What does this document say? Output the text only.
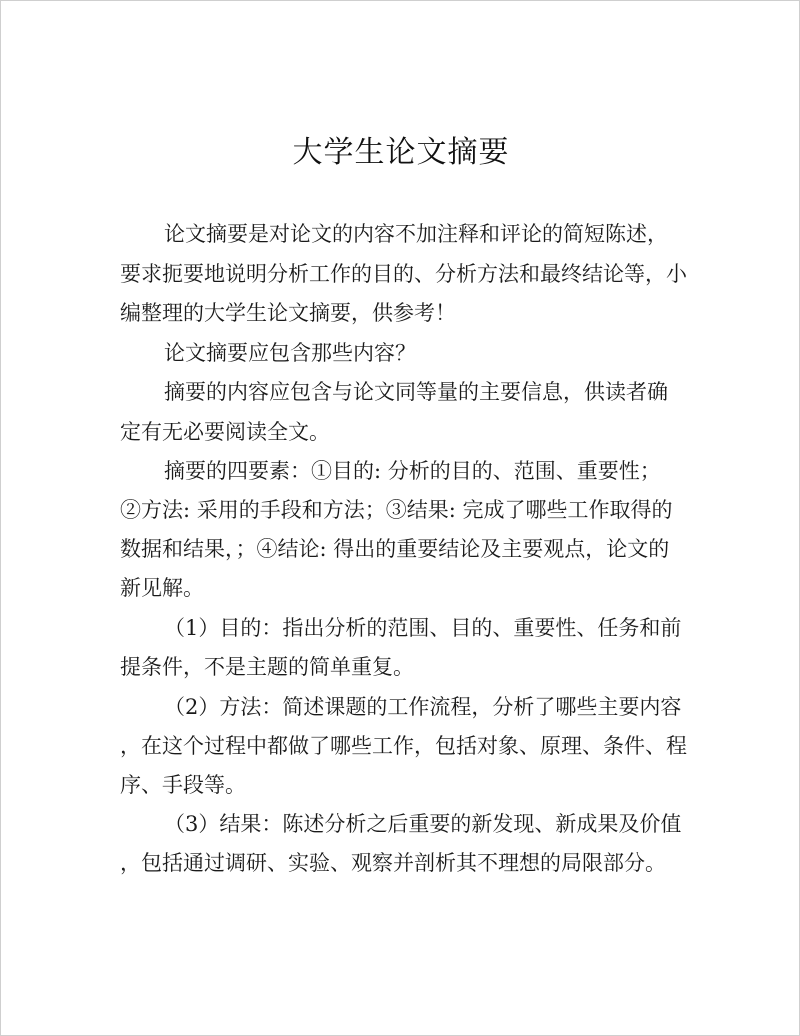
大学生论文摘要
论文摘要是对论文的内容不加注释和评论的简短陈述，
要求扼要地说明分析工作的目的、分析方法和最终结论等，小
编整理的大学生论文摘要，供参考！
论文摘要应包含那些内容？
摘要的内容应包含与论文同等量的主要信息，供读者确
定有无必要阅读全文。
摘要的四要素：①目的: 分析的目的、范围、重要性；
②方法: 采用的手段和方法；③结果: 完成了哪些工作取得的
数据和结果，；④结论: 得出的重要结论及主要观点，论文的
新见解。
（1）目的：指出分析的范围、目的、重要性、任务和前
提条件，不是主题的简单重复。
（2）方法：简述课题的工作流程，分析了哪些主要内容
，在这个过程中都做了哪些工作，包括对象、原理、条件、程
序、手段等。
（3）结果：陈述分析之后重要的新发现、新成果及价值
，包括通过调研、实验、观察并剖析其不理想的局限部分。
